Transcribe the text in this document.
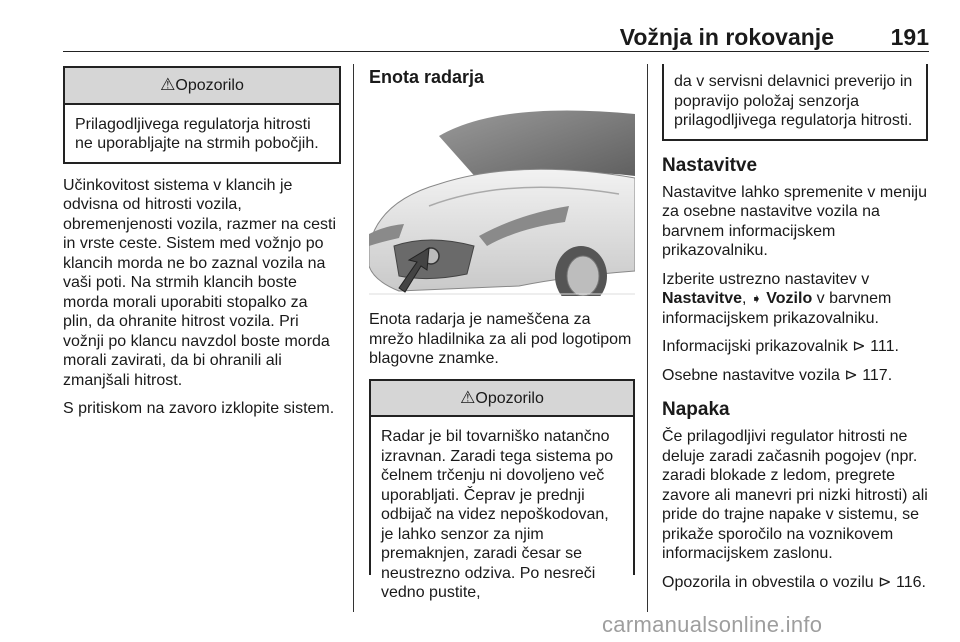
Vožnja in rokovanje 191
⚠Opozorilo
Prilagodljivega regulatorja hitrosti ne uporabljajte na strmih pobočjih.

Učinkovitost sistema v klancih je odvisna od hitrosti vozila, obremenjenosti vozila, razmer na cesti in vrste ceste. Sistem med vožnjo po klancih morda ne bo zaznal vozila na vaši poti. Na strmih klancih boste morda morali uporabiti stopalko za plin, da ohranite hitrost vozila. Pri vožnji po klancu navzdol boste morda morali zavirati, da bi ohranili ali zmanjšali hitrost.

S pritiskom na zavoro izklopite sistem.

Enota radarja

Enota radarja je nameščena za mrežo hladilnika za ali pod logotipom blagovne znamke.

⚠Opozorilo
Radar je bil tovarniško natančno izravnan. Zaradi tega sistema po čelnem trčenju ni dovoljeno več uporabljati. Čeprav je prednji odbijač na videz nepoškodovan, je lahko senzor za njim premaknjen, zaradi česar se neustrezno odziva. Po nesreči vedno pustite,
da v servisni delavnici preverijo in popravijo položaj senzorja prilagodljivega regulatorja hitrosti.
Nastavitve

Nastavitve lahko spremenite v meniju za osebne nastavitve vozila na barvnem informacijskem prikazovalniku.

Izberite ustrezno nastavitev v
Nastavitve, ➧ Vozilo v barvnem informacijskem prikazovalniku.

Informacijski prikazovalnik ⊳ 111.

Osebne nastavitve vozila ⊳ 117.

Napaka

Če prilagodljivi regulator hitrosti ne deluje zaradi začasnih pogojev (npr. zaradi blokade z ledom, pregrete zavore ali manevri pri nizki hitrosti) ali pride do trajne napake v sistemu, se prikaže sporočilo na voznikovem informacijskem zaslonu.

Opozorila in obvestila o vozilu ⊳ 116.

carmanualsonline.info
